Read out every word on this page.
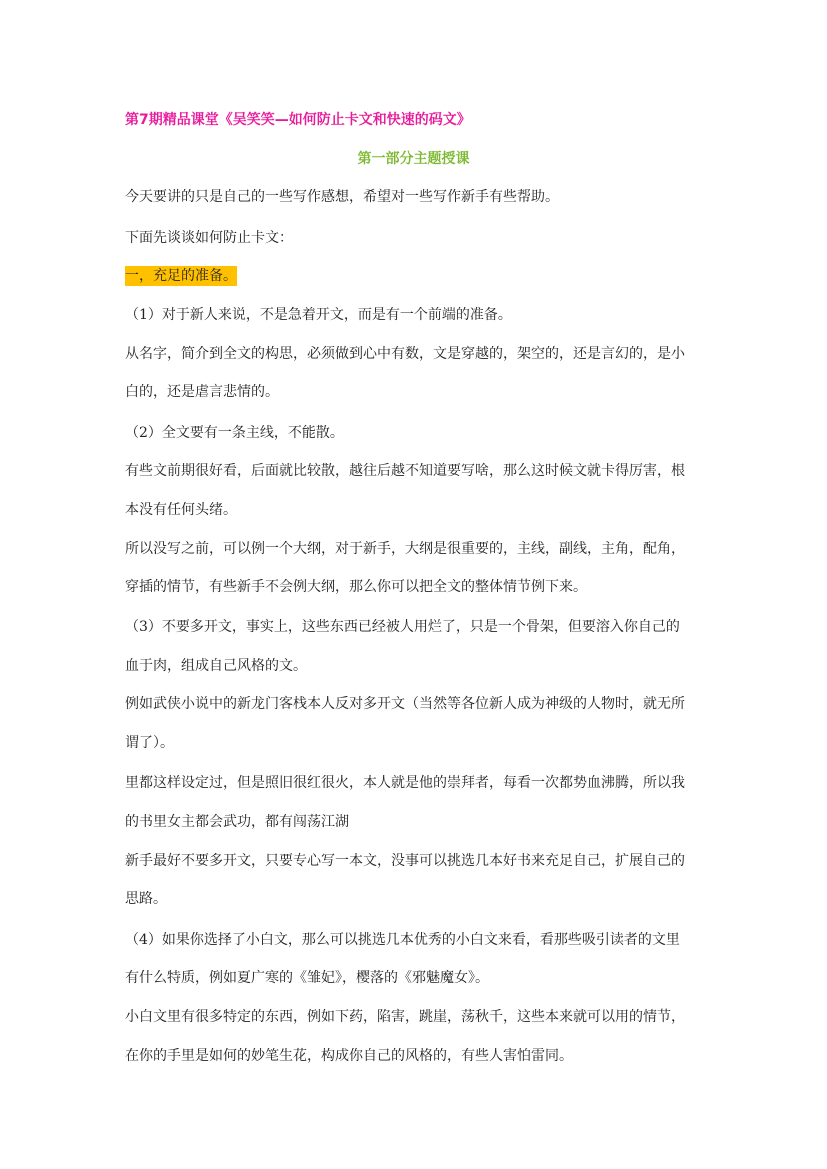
第7期精品课堂《吴笑笑—如何防止卡文和快速的码文》
第一部分主题授课
今天要讲的只是自己的一些写作感想，希望对一些写作新手有些帮助。
下面先谈谈如何防止卡文：
一，充足的准备。
（1）对于新人来说，不是急着开文，而是有一个前端的准备。
从名字，简介到全文的构思，必须做到心中有数，文是穿越的，架空的，还是言幻的，是小
白的，还是虐言悲情的。
（2）全文要有一条主线，不能散。
有些文前期很好看，后面就比较散，越往后越不知道要写啥，那么这时候文就卡得厉害，根
本没有任何头绪。
所以没写之前，可以例一个大纲，对于新手，大纲是很重要的，主线，副线，主角，配角，
穿插的情节，有些新手不会例大纲，那么你可以把全文的整体情节例下来。
（3）不要多开文，事实上，这些东西已经被人用烂了，只是一个骨架，但要溶入你自己的
血于肉，组成自己风格的文。
例如武侠小说中的新龙门客栈本人反对多开文（当然等各位新人成为神级的人物时，就无所
谓了）。
里都这样设定过，但是照旧很红很火，本人就是他的崇拜者，每看一次都势血沸腾，所以我
的书里女主都会武功，都有闯荡江湖
新手最好不要多开文，只要专心写一本文，没事可以挑选几本好书来充足自己，扩展自己的
思路。
（4）如果你选择了小白文，那么可以挑选几本优秀的小白文来看，看那些吸引读者的文里
有什么特质，例如夏广寒的《雏妃》，樱落的《邪魅魔女》。
小白文里有很多特定的东西，例如下药，陷害，跳崖，荡秋千，这些本来就可以用的情节，
在你的手里是如何的妙笔生花，构成你自己的风格的，有些人害怕雷同。
